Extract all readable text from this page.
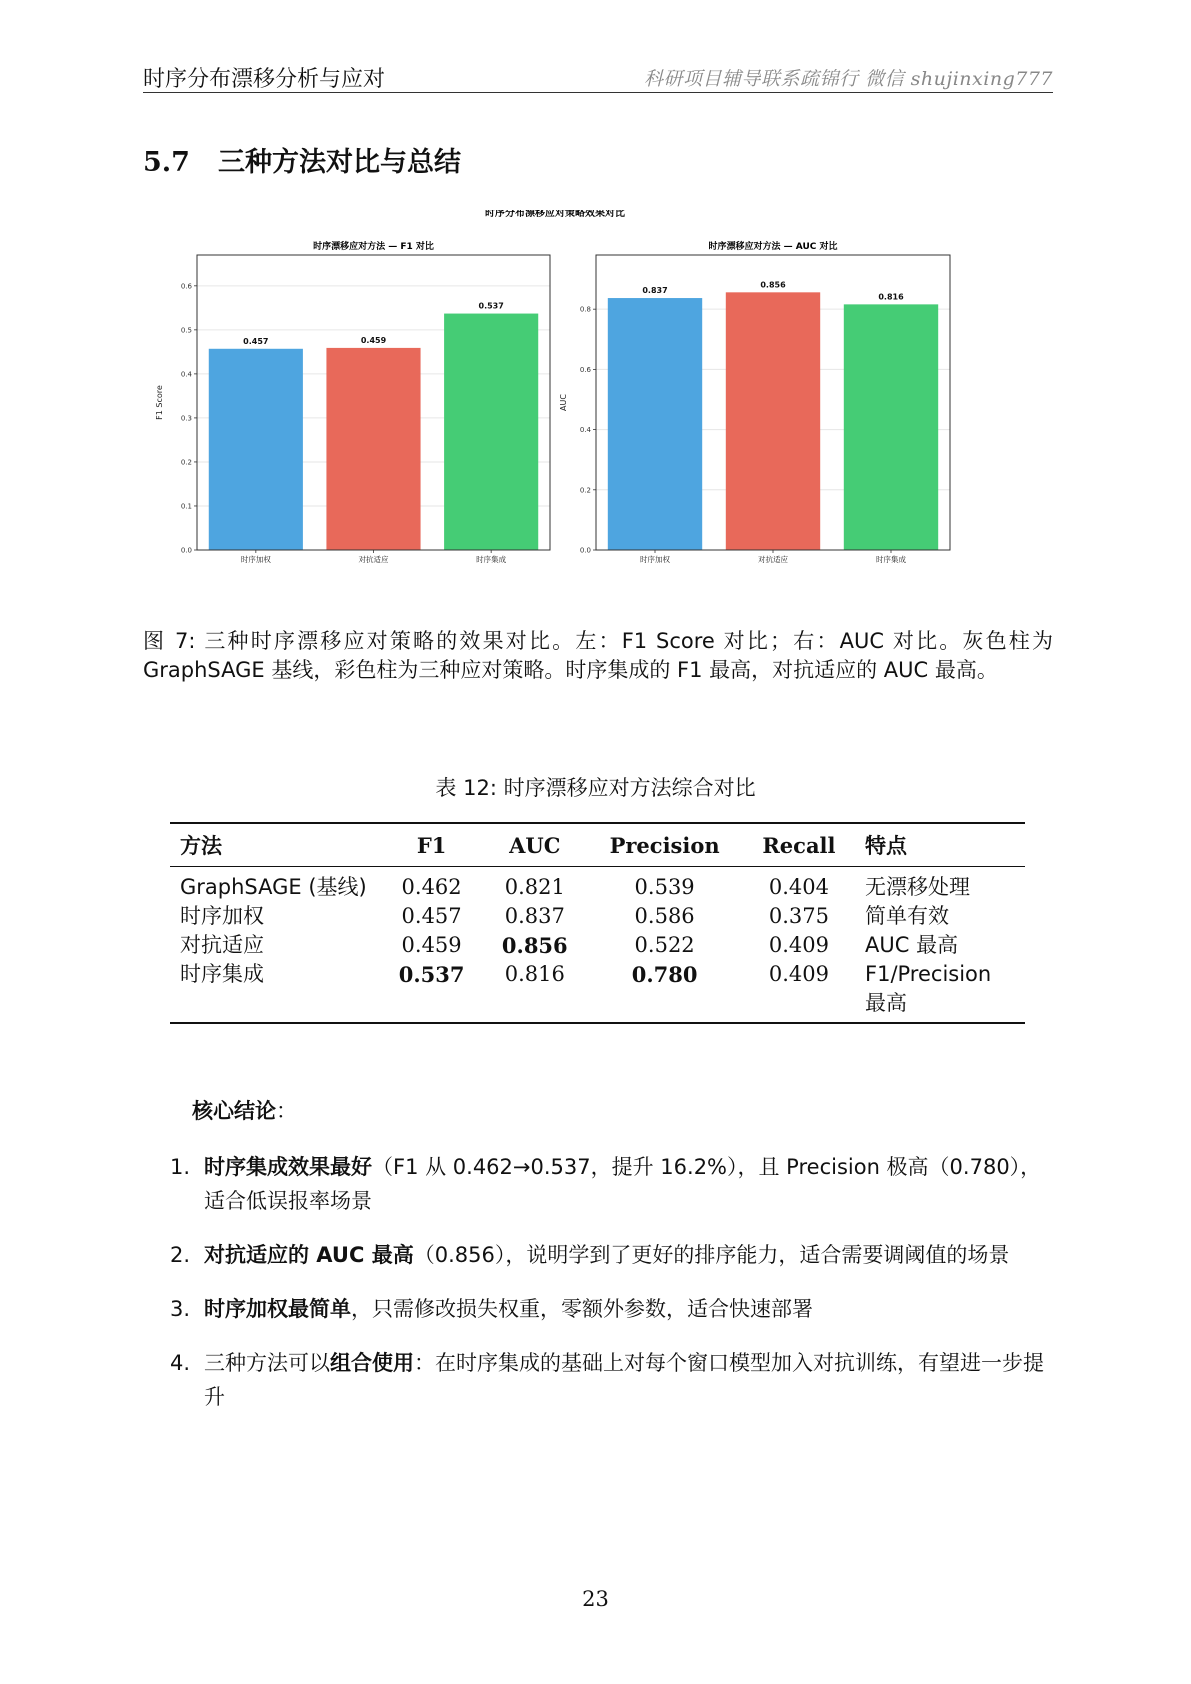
时序分布漂移分析与应对	科研项目辅导联系疏锦行 微信 shujinxing777
5.7 三种方法对比与总结
时序分布漂移应对策略效果对比
时序漂移应对方法 — F1 对比
0.0
0.1
0.2
0.3
0.4
0.5
0.6
F1 Score
0.457
时序加权
0.459
对抗适应
0.537
时序集成
时序漂移应对方法 — AUC 对比
0.0
0.2
0.4
0.6
0.8
AUC
0.837
时序加权
0.856
对抗适应
0.816
时序集成
图 7: 三种时序漂移应对策略的效果对比。左：F1 Score 对比；右：AUC 对比。灰色柱为 GraphSAGE 基线，彩色柱为三种应对策略。时序集成的 F1 最高，对抗适应的 AUC 最高。
表 12: 时序漂移应对方法综合对比
方法	F1	AUC	Precision	Recall	特点
GraphSAGE (基线)	0.462	0.821	0.539	0.404	无漂移处理
时序加权	0.457	0.837	0.586	0.375	简单有效
对抗适应	0.459	0.856	0.522	0.409	AUC 最高
时序集成	0.537	0.816	0.780	0.409	F1/Precision 最高
核心结论：
1. 时序集成效果最好（F1 从 0.462→0.537，提升 16.2%），且 Precision 极高（0.780），适合低误报率场景
2. 对抗适应的 AUC 最高（0.856），说明学到了更好的排序能力，适合需要调阈值的场景
3. 时序加权最简单，只需修改损失权重，零额外参数，适合快速部署
4. 三种方法可以组合使用：在时序集成的基础上对每个窗口模型加入对抗训练，有望进一步提升
23
